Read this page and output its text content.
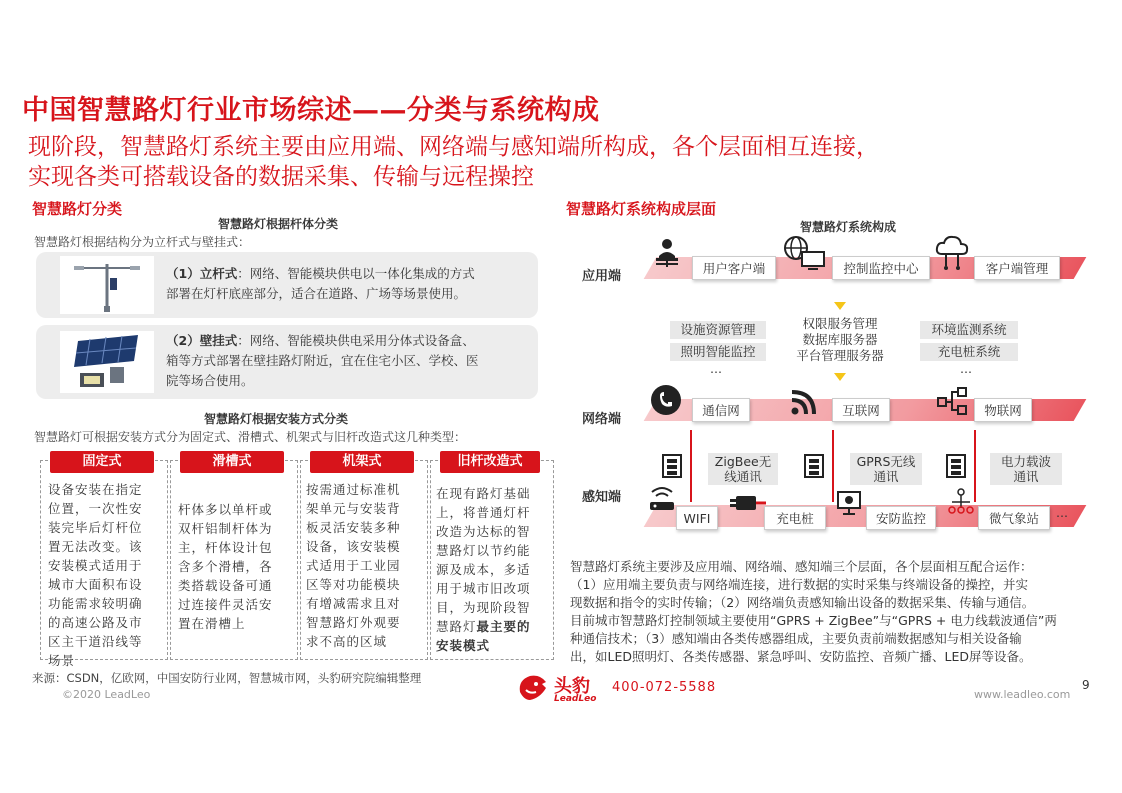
中国智慧路灯行业市场综述——分类与系统构成
现阶段，智慧路灯系统主要由应用端、网络端与感知端所构成，各个层面相互连接，
实现各类可搭载设备的数据采集、传输与远程操控
智慧路灯分类
智慧路灯根据杆体分类
智慧路灯根据结构分为立杆式与壁挂式：
（1）立杆式：网络、智能模块供电以一体化集成的方式
部署在灯杆底座部分，适合在道路、广场等场景使用。
（2）壁挂式：网络、智能模块供电采用分体式设备盒、
箱等方式部署在壁挂路灯附近，宜在住宅小区、学校、医
院等场合使用。
智慧路灯根据安装方式分类
智慧路灯可根据安装方式分为固定式、滑槽式、机架式与旧杆改造式这几种类型：
固定式
设备安装在指定
位置，一次性安
装完毕后灯杆位
置无法改变。该
安装模式适用于
城市大面积布设
功能需求较明确
的高速公路及市
区主干道沿线等
场景
滑槽式
杆体多以单杆或
双杆铝制杆体为
主，杆体设计包
含多个滑槽，各
类搭载设备可通
过连接件灵活安
置在滑槽上
机架式
按需通过标准机
架单元与安装背
板灵活安装多种
设备，该安装模
式适用于工业园
区等对功能模块
有增减需求且对
智慧路灯外观要
求不高的区域
旧杆改造式
在现有路灯基础
上，将普通灯杆
改造为达标的智
慧路灯以节约能
源及成本，多适
用于城市旧改项
目，为现阶段智
慧路灯最主要的
安装模式
来源：CSDN，亿欧网，中国安防行业网，智慧城市网，头豹研究院编辑整理
智慧路灯系统构成层面
智慧路灯系统构成
应用端
网络端
感知端
用户客户端	控制监控中心	客户端管理
权限服务管理
数据库服务器
平台管理服务器
设施资源管理
照明智能监控
…
环境监测系统
充电桩系统
…
通信网	互联网	物联网
ZigBee无
线通讯
GPRS无线
通讯
电力载波
通讯
WIFI	充电桩	安防监控	微气象站	…
智慧路灯系统主要涉及应用端、网络端、感知端三个层面，各个层面相互配合运作：
（1）应用端主要负责与网络端连接，进行数据的实时采集与终端设备的操控，并实
现数据和指令的实时传输；（2）网络端负责感知输出设备的数据采集、传输与通信。
目前城市智慧路灯控制领域主要使用“GPRS + ZigBee”与“GPRS + 电力线载波通信”两
种通信技术；（3）感知端由各类传感器组成，主要负责前端数据感知与相关设备输
出，如LED照明灯、各类传感器、紧急呼叫、安防监控、音频广播、LED屏等设备。
©2020 LeadLeo	头豹
LeadLeo
400-072-5588	www.leadleo.com
9
